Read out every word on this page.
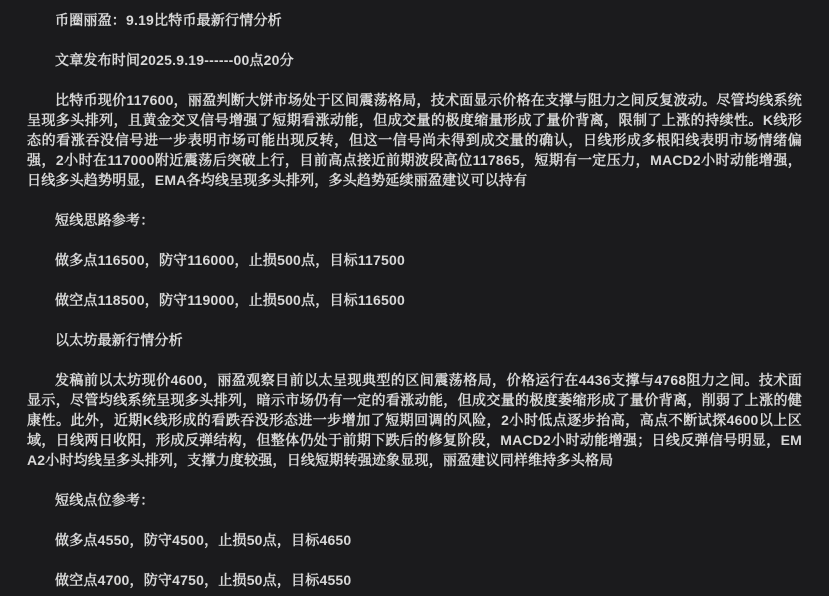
币圈丽盈：9.19比特币最新行情分析

文章发布时间2025.9.19------00点20分

比特币现价117600，丽盈判断大饼市场处于区间震荡格局，技术面显示价格在支撑与阻力之间反复波动。尽管均线系统呈现多头排列，且黄金交叉信号增强了短期看涨动能，但成交量的极度缩量形成了量价背离，限制了上涨的持续性。K线形态的看涨吞没信号进一步表明市场可能出现反转，但这一信号尚未得到成交量的确认，日线形成多根阳线表明市场情绪偏强，2小时在117000附近震荡后突破上行，目前高点接近前期波段高位117865，短期有一定压力，MACD2小时动能增强，日线多头趋势明显，EMA各均线呈现多头排列，多头趋势延续丽盈建议可以持有

短线思路参考：

做多点116500，防守116000，止损500点，目标117500

做空点118500，防守119000，止损500点，目标116500

以太坊最新行情分析

发稿前以太坊现价4600，丽盈观察目前以太呈现典型的区间震荡格局，价格运行在4436支撑与4768阻力之间。技术面显示，尽管均线系统呈现多头排列，暗示市场仍有一定的看涨动能，但成交量的极度萎缩形成了量价背离，削弱了上涨的健康性。此外，近期K线形成的看跌吞没形态进一步增加了短期回调的风险，2小时低点逐步抬高，高点不断试探4600以上区域，日线两日收阳，形成反弹结构，但整体仍处于前期下跌后的修复阶段，MACD2小时动能增强；日线反弹信号明显，EMA2小时均线呈多头排列，支撑力度较强，日线短期转强迹象显现，丽盈建议同样维持多头格局

短线点位参考：

做多点4550，防守4500，止损50点，目标4650

做空点4700，防守4750，止损50点，目标4550
